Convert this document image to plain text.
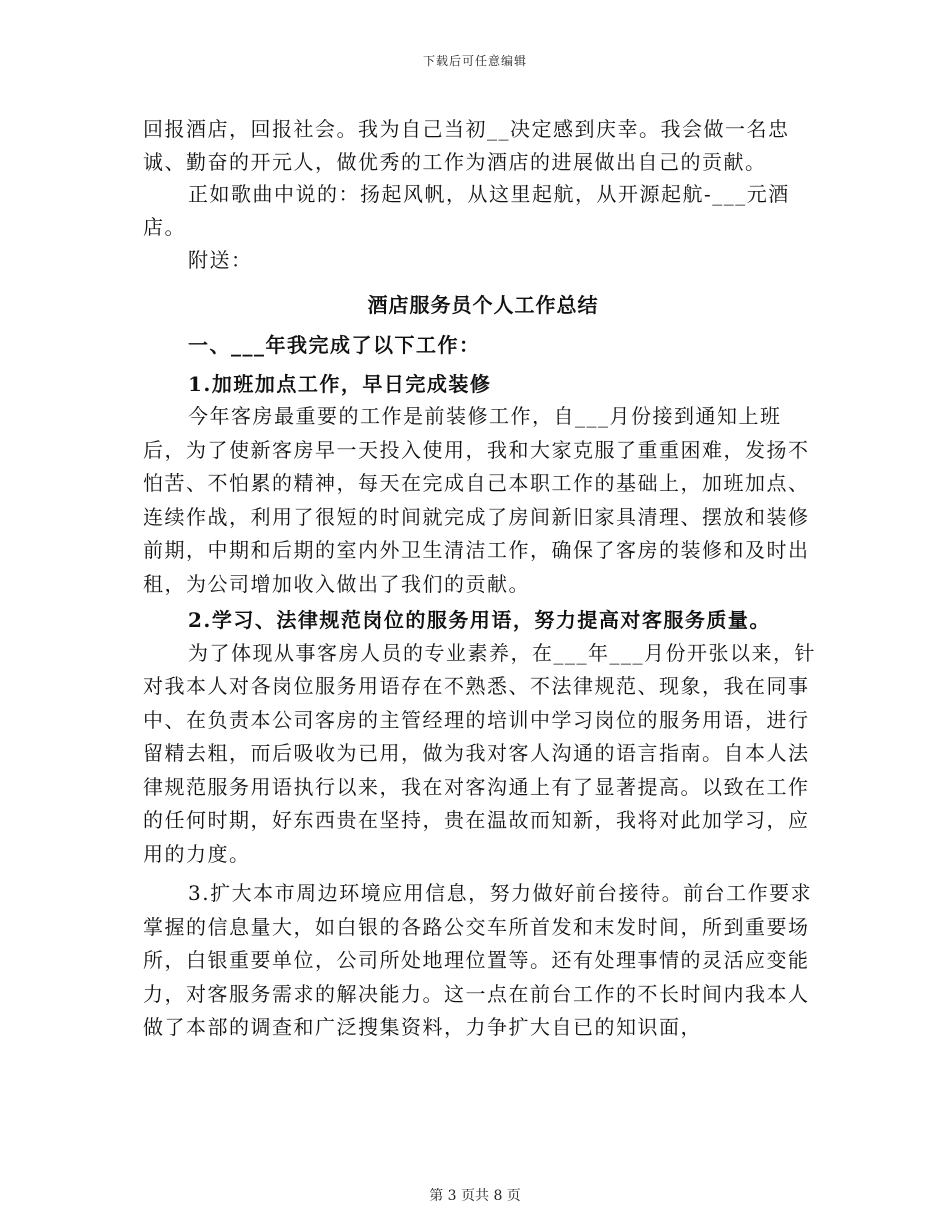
下载后可任意编辑

回报酒店，回报社会。我为自己当初__决定感到庆幸。我会做一名忠诚、勤奋的开元人，做优秀的工作为酒店的进展做出自己的贡献。

正如歌曲中说的：扬起风帆，从这里起航，从开源起航-___元酒店。

附送：

酒店服务员个人工作总结

一、___年我完成了以下工作：

1.加班加点工作，早日完成装修

今年客房最重要的工作是前装修工作，自___月份接到通知上班后，为了使新客房早一天投入使用，我和大家克服了重重困难，发扬不怕苦、不怕累的精神，每天在完成自己本职工作的基础上，加班加点、连续作战，利用了很短的时间就完成了房间新旧家具清理、摆放和装修前期，中期和后期的室内外卫生清洁工作，确保了客房的装修和及时出租，为公司增加收入做出了我们的贡献。

2.学习、法律规范岗位的服务用语，努力提高对客服务质量。

为了体现从事客房人员的专业素养，在___年___月份开张以来，针对我本人对各岗位服务用语存在不熟悉、不法律规范、现象，我在同事中、在负责本公司客房的主管经理的培训中学习岗位的服务用语，进行留精去粗，而后吸收为已用，做为我对客人沟通的语言指南。自本人法律规范服务用语执行以来，我在对客沟通上有了显著提高。以致在工作的任何时期，好东西贵在坚持，贵在温故而知新，我将对此加学习，应用的力度。

3.扩大本市周边环境应用信息，努力做好前台接待。前台工作要求掌握的信息量大，如白银的各路公交车所首发和末发时间，所到重要场所，白银重要单位，公司所处地理位置等。还有处理事情的灵活应变能力，对客服务需求的解决能力。这一点在前台工作的不长时间内我本人做了本部的调查和广泛搜集资料，力争扩大自已的知识面，

第 3 页共 8 页
